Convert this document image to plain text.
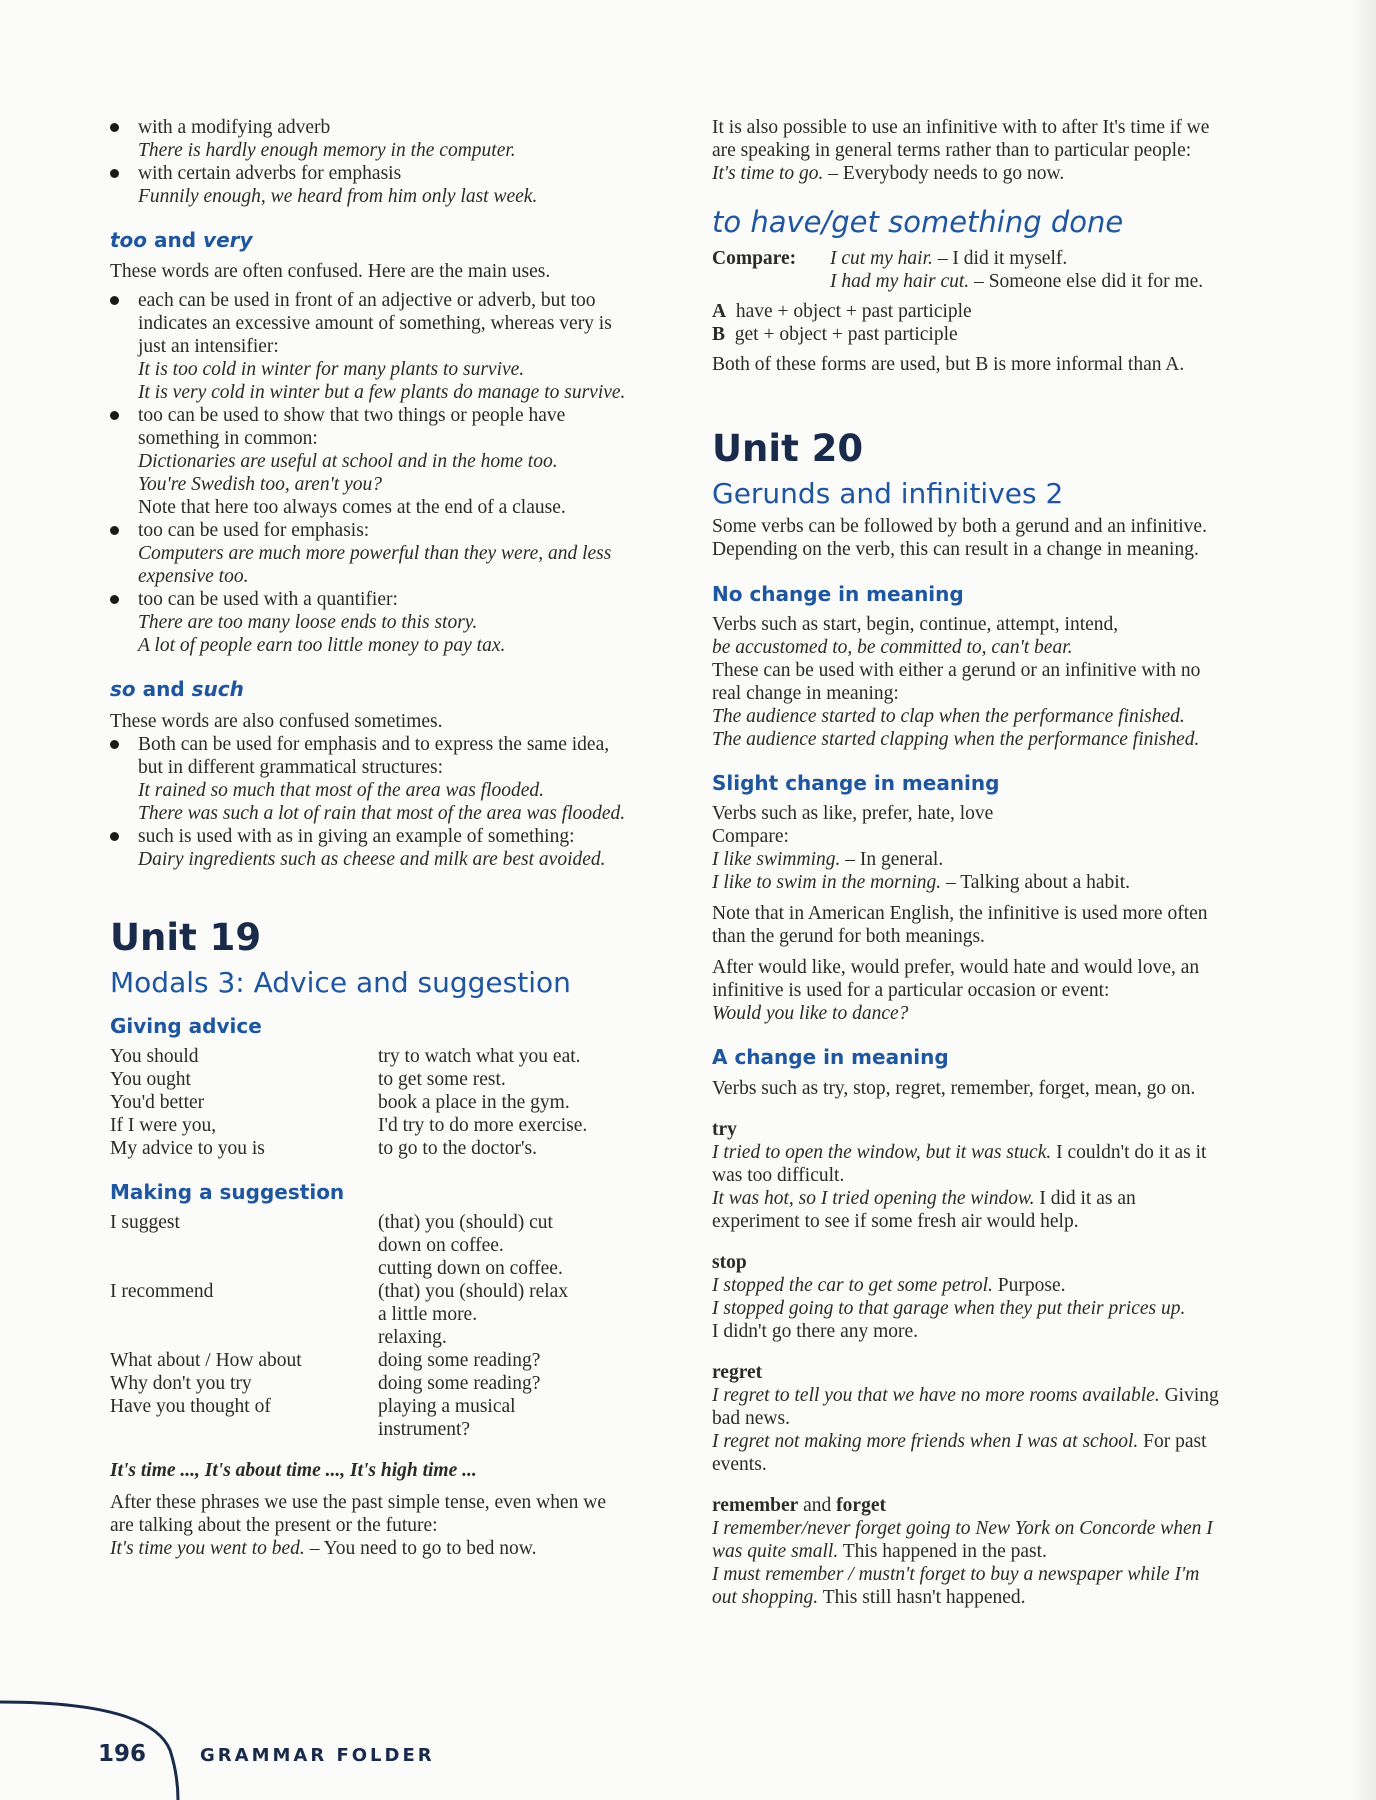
with a modifying adverb
There is hardly enough memory in the computer.
with certain adverbs for emphasis
Funnily enough, we heard from him only last week.
too and very
These words are often confused. Here are the main uses.
each can be used in front of an adjective or adverb, but too
indicates an excessive amount of something, whereas very is
just an intensifier:
It is too cold in winter for many plants to survive.
It is very cold in winter but a few plants do manage to survive.
too can be used to show that two things or people have
something in common:
Dictionaries are useful at school and in the home too.
You're Swedish too, aren't you?
Note that here too always comes at the end of a clause.
too can be used for emphasis:
Computers are much more powerful than they were, and less
expensive too.
too can be used with a quantifier:
There are too many loose ends to this story.
A lot of people earn too little money to pay tax.
so and such
These words are also confused sometimes.
Both can be used for emphasis and to express the same idea,
but in different grammatical structures:
It rained so much that most of the area was flooded.
There was such a lot of rain that most of the area was flooded.
such is used with as in giving an example of something:
Dairy ingredients such as cheese and milk are best avoided.
Unit 19
Modals 3: Advice and suggestion
Giving advice
You should	try to watch what you eat.
You ought	to get some rest.
You'd better	book a place in the gym.
If I were you,	I'd try to do more exercise.
My advice to you is	to go to the doctor's.
Making a suggestion
I suggest	(that) you (should) cut
down on coffee.
cutting down on coffee.
I recommend	(that) you (should) relax
a little more.
relaxing.
What about / How about	doing some reading?
Why don't you try	doing some reading?
Have you thought of	playing a musical
instrument?
It's time ..., It's about time ..., It's high time ...
After these phrases we use the past simple tense, even when we
are talking about the present or the future:
It's time you went to bed. – You need to go to bed now.
It is also possible to use an infinitive with to after It's time if we
are speaking in general terms rather than to particular people:
It's time to go. – Everybody needs to go now.
to have/get something done
Compare: I cut my hair. – I did it myself.
I had my hair cut. – Someone else did it for me.
A have + object + past participle
B get + object + past participle
Both of these forms are used, but B is more informal than A.
Unit 20
Gerunds and infinitives 2
Some verbs can be followed by both a gerund and an infinitive.
Depending on the verb, this can result in a change in meaning.
No change in meaning
Verbs such as start, begin, continue, attempt, intend,
be accustomed to, be committed to, can't bear.
These can be used with either a gerund or an infinitive with no
real change in meaning:
The audience started to clap when the performance finished.
The audience started clapping when the performance finished.
Slight change in meaning
Verbs such as like, prefer, hate, love
Compare:
I like swimming. – In general.
I like to swim in the morning. – Talking about a habit.
Note that in American English, the infinitive is used more often
than the gerund for both meanings.
After would like, would prefer, would hate and would love, an
infinitive is used for a particular occasion or event:
Would you like to dance?
A change in meaning
Verbs such as try, stop, regret, remember, forget, mean, go on.
try
I tried to open the window, but it was stuck. I couldn't do it as it
was too difficult.
It was hot, so I tried opening the window. I did it as an
experiment to see if some fresh air would help.
stop
I stopped the car to get some petrol. Purpose.
I stopped going to that garage when they put their prices up.
I didn't go there any more.
regret
I regret to tell you that we have no more rooms available. Giving
bad news.
I regret not making more friends when I was at school. For past
events.
remember and forget
I remember/never forget going to New York on Concorde when I
was quite small. This happened in the past.
I must remember / mustn't forget to buy a newspaper while I'm
out shopping. This still hasn't happened.
196	GRAMMAR FOLDER
